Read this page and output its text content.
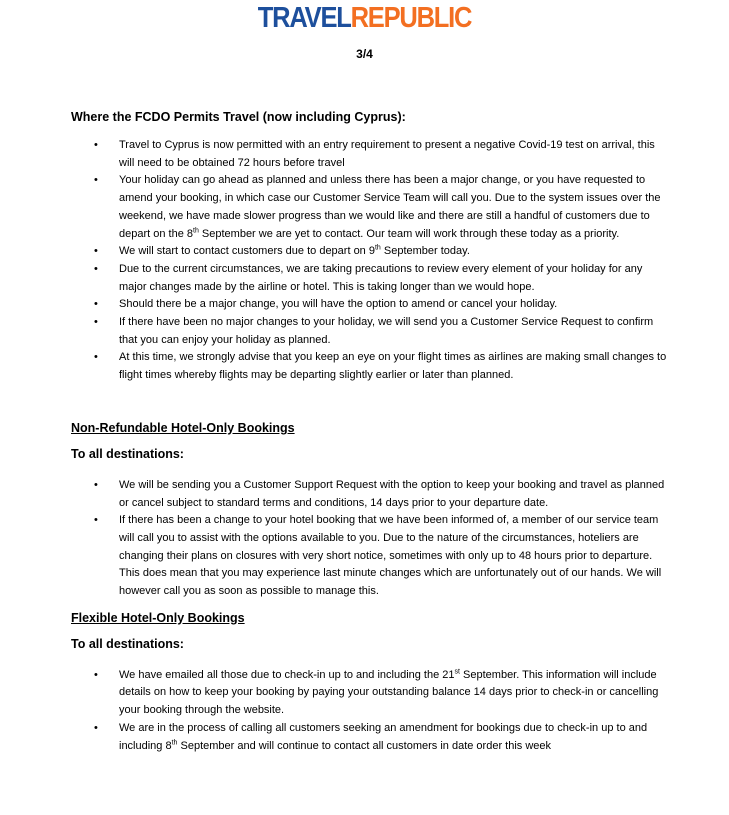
TRAVELREPUBLIC
3/4
Where the FCDO Permits Travel (now including Cyprus):
• Travel to Cyprus is now permitted with an entry requirement to present a negative Covid-19 test on arrival, this will need to be obtained 72 hours before travel
• Your holiday can go ahead as planned and unless there has been a major change, or you have requested to amend your booking, in which case our Customer Service Team will call you. Due to the system issues over the weekend, we have made slower progress than we would like and there are still a handful of customers due to depart on the 8th September we are yet to contact. Our team will work through these today as a priority.
• We will start to contact customers due to depart on 9th September today.
• Due to the current circumstances, we are taking precautions to review every element of your holiday for any major changes made by the airline or hotel. This is taking longer than we would hope.
• Should there be a major change, you will have the option to amend or cancel your holiday.
• If there have been no major changes to your holiday, we will send you a Customer Service Request to confirm that you can enjoy your holiday as planned.
• At this time, we strongly advise that you keep an eye on your flight times as airlines are making small changes to flight times whereby flights may be departing slightly earlier or later than planned.
Non-Refundable Hotel-Only Bookings
To all destinations:
• We will be sending you a Customer Support Request with the option to keep your booking and travel as planned or cancel subject to standard terms and conditions, 14 days prior to your departure date.
• If there has been a change to your hotel booking that we have been informed of, a member of our service team will call you to assist with the options available to you. Due to the nature of the circumstances, hoteliers are changing their plans on closures with very short notice, sometimes with only up to 48 hours prior to departure. This does mean that you may experience last minute changes which are unfortunately out of our hands. We will however call you as soon as possible to manage this.
Flexible Hotel-Only Bookings
To all destinations:
• We have emailed all those due to check-in up to and including the 21st September. This information will include details on how to keep your booking by paying your outstanding balance 14 days prior to check-in or cancelling your booking through the website.
• We are in the process of calling all customers seeking an amendment for bookings due to check-in up to and including 8th September and will continue to contact all customers in date order this week
